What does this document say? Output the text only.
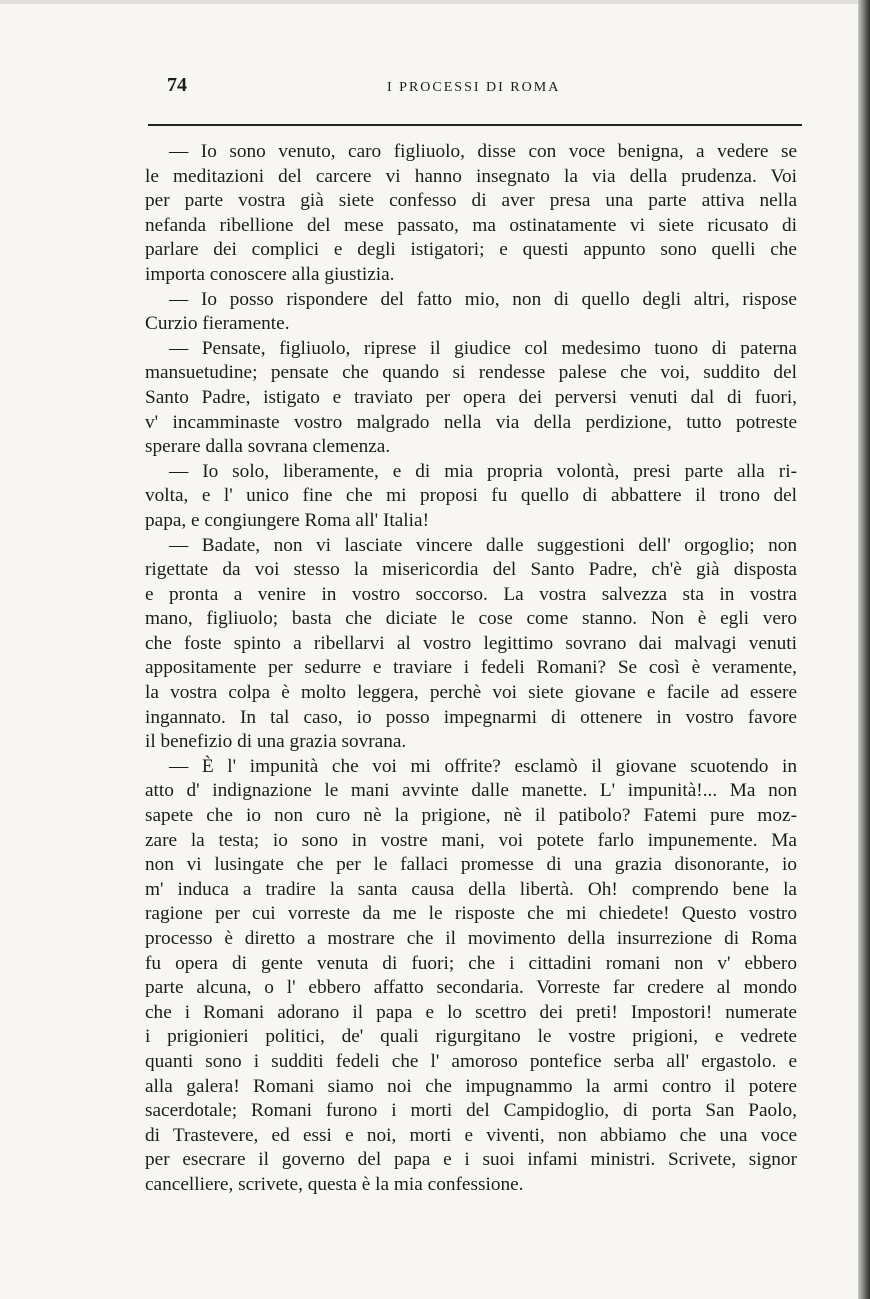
74	I PROCESSI DI ROMA
— Io sono venuto, caro figliuolo, disse con voce benigna, a vedere se
le meditazioni del carcere vi hanno insegnato la via della prudenza. Voi
per parte vostra già siete confesso di aver presa una parte attiva nella
nefanda ribellione del mese passato, ma ostinatamente vi siete ricusato di
parlare dei complici e degli istigatori; e questi appunto sono quelli che
importa conoscere alla giustizia.
— Io posso rispondere del fatto mio, non di quello degli altri, rispose
Curzio fieramente.
— Pensate, figliuolo, riprese il giudice col medesimo tuono di paterna
mansuetudine; pensate che quando si rendesse palese che voi, suddito del
Santo Padre, istigato e traviato per opera dei perversi venuti dal di fuori,
v' incamminaste vostro malgrado nella via della perdizione, tutto potreste
sperare dalla sovrana clemenza.
— Io solo, liberamente, e di mia propria volontà, presi parte alla ri-
volta, e l' unico fine che mi proposi fu quello di abbattere il trono del
papa, e congiungere Roma all' Italia!
— Badate, non vi lasciate vincere dalle suggestioni dell' orgoglio; non
rigettate da voi stesso la misericordia del Santo Padre, ch'è già disposta
e pronta a venire in vostro soccorso. La vostra salvezza sta in vostra
mano, figliuolo; basta che diciate le cose come stanno. Non è egli vero
che foste spinto a ribellarvi al vostro legittimo sovrano dai malvagi venuti
appositamente per sedurre e traviare i fedeli Romani? Se così è veramente,
la vostra colpa è molto leggera, perchè voi siete giovane e facile ad essere
ingannato. In tal caso, io posso impegnarmi di ottenere in vostro favore
il benefizio di una grazia sovrana.
— È l' impunità che voi mi offrite? esclamò il giovane scuotendo in
atto d' indignazione le mani avvinte dalle manette. L' impunità!... Ma non
sapete che io non curo nè la prigione, nè il patibolo? Fatemi pure moz-
zare la testa; io sono in vostre mani, voi potete farlo impunemente. Ma
non vi lusingate che per le fallaci promesse di una grazia disonorante, io
m' induca a tradire la santa causa della libertà. Oh! comprendo bene la
ragione per cui vorreste da me le risposte che mi chiedete! Questo vostro
processo è diretto a mostrare che il movimento della insurrezione di Roma
fu opera di gente venuta di fuori; che i cittadini romani non v' ebbero
parte alcuna, o l' ebbero affatto secondaria. Vorreste far credere al mondo
che i Romani adorano il papa e lo scettro dei preti! Impostori! numerate
i prigionieri politici, de' quali rigurgitano le vostre prigioni, e vedrete
quanti sono i sudditi fedeli che l' amoroso pontefice serba all' ergastolo. e
alla galera! Romani siamo noi che impugnammo la armi contro il potere
sacerdotale; Romani furono i morti del Campidoglio, di porta San Paolo,
di Trastevere, ed essi e noi, morti e viventi, non abbiamo che una voce
per esecrare il governo del papa e i suoi infami ministri. Scrivete, signor
cancelliere, scrivete, questa è la mia confessione.
